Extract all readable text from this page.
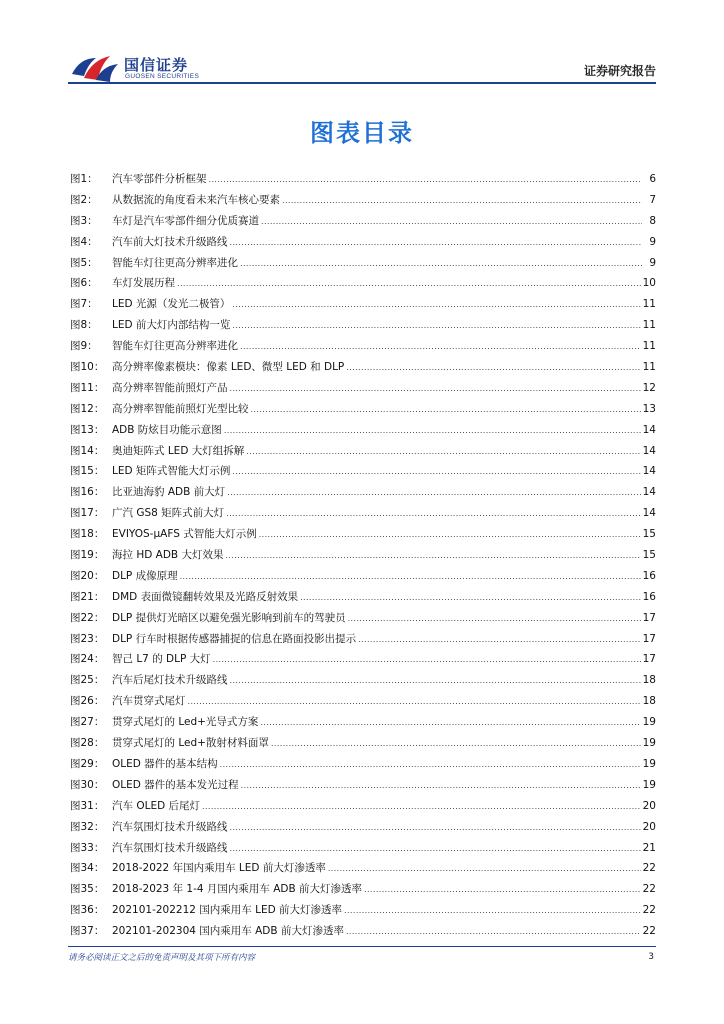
国信证券
GUOSEN SECURITIES	证券研究报告
图表目录
图1：	汽车零部件分析框架 .....	6
图2：	从数据流的角度看未来汽车核心要素 .....	7
图3：	车灯是汽车零部件细分优质赛道 .....	8
图4：	汽车前大灯技术升级路线 .....	9
图5：	智能车灯往更高分辨率进化 .....	9
图6：	车灯发展历程 .....	10
图7：	LED 光源（发光二极管） .....	11
图8：	LED 前大灯内部结构一览 .....	11
图9：	智能车灯往更高分辨率进化 .....	11
图10： 高分辨率像素模块：像素 LED、微型 LED 和 DLP .....	11
图11： 高分辨率智能前照灯产品 .....	12
图12： 高分辨率智能前照灯光型比较 .....	13
图13： ADB 防炫目功能示意图 .....	14
图14： 奥迪矩阵式 LED 大灯组拆解 .....	14
图15： LED 矩阵式智能大灯示例 .....	14
图16： 比亚迪海豹 ADB 前大灯 .....	14
图17： 广汽 GS8 矩阵式前大灯 .....	14
图18： EVIYOS-μAFS 式智能大灯示例 .....	15
图19： 海拉 HD ADB 大灯效果 .....	15
图20： DLP 成像原理 .....	16
图21： DMD 表面微镜翻转效果及光路反射效果 .....	16
图22： DLP 提供灯光暗区以避免强光影响到前车的驾驶员 .....	17
图23： DLP 行车时根据传感器捕捉的信息在路面投影出提示 .....	17
图24： 智己 L7 的 DLP 大灯 .....	17
图25： 汽车后尾灯技术升级路线 .....	18
图26： 汽车贯穿式尾灯 .....	18
图27： 贯穿式尾灯的 Led+光导式方案 .....	19
图28： 贯穿式尾灯的 Led+散射材料面罩 .....	19
图29： OLED 器件的基本结构 .....	19
图30： OLED 器件的基本发光过程 .....	19
图31： 汽车 OLED 后尾灯 .....	20
图32： 汽车氛围灯技术升级路线 .....	20
图33： 汽车氛围灯技术升级路线 .....	21
图34： 2018-2022 年国内乘用车 LED 前大灯渗透率 .....	22
图35： 2018-2023 年 1-4 月国内乘用车 ADB 前大灯渗透率 .....	22
图36： 202101-202212 国内乘用车 LED 前大灯渗透率 .....	22
图37： 202101-202304 国内乘用车 ADB 前大灯渗透率 .....	22
请务必阅读正文之后的免责声明及其项下所有内容	3
